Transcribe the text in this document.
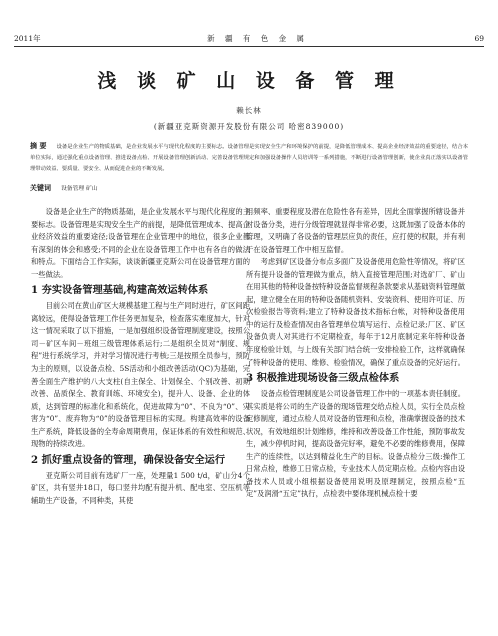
2011年	新 疆 有 色 金 属	69
浅 谈 矿 山 设 备 管 理
赖长林
(新疆亚克斯资源开发股份有限公司 哈密839000)
摘 要 设备是企业生产的物质基础，是企业发展水平与现代化程度的主要标志。设备管理是实现安全生产和环境保护的前提，是降低管理成本、提高企业经济效益的重要途径，结合本单位实际，通过强化重点设备管理、推进设备点检、开展设备管理创新活动、完善设备管理规定和加强设备操作人员培训等一系列措施，不断进行设备管理创新，使企业真正落实以设备管理带动效益、要质量、要安全、从而促进企业的不断发展。
关键词 设备管理 矿山

设备是企业生产的物质基础，是企业发展水平与现代化程度的主要标志。设备管理是实现安全生产的前提，是降低管理成本、提高企业经济效益的重要途径;设备管理在企业管理中的地位，很多企业都有深刻的体会和感受;不同的企业在设备管理工作中也有各自的做法和特点。下面结合工作实际，谈谈新疆亚克斯公司在设备管理方面的一些做法。

1 夯实设备管理基础,构建高效运转体系

目前公司在黄山矿区大规模基建工程与生产同时进行，矿区间距离较远，使得设备管理工作任务更加复杂，检查落实难度加大，针对这一情况采取了以下措施，一是加强组织设备管理制度建设，按照公司－矿区车间－班组三级管理体系运行;二是组织全员对“制度、规程”进行系统学习，并对学习情况进行考核;三是按照全员参与，预防为主的原则，以设备点检、5S活动和小组改善活动(QC)为基础，完善全面生产维护的八大支柱(自主保全、计划保全、个别改善、初期改善、品质保全、教育训练、环境安全)，提升人、设备、企业的体质，达到管理的标准化和系统化，促进故障为“0”、不良为“0”、灾害为“0”、废弃物为“0”的设备管理目标的实现。构建高效率的设备生产系统，降低设备的全寿命周期费用，保证体系的有效性和规范、现物的持续改进。

2 抓好重点设备的管理，确保设备安全运行

亚克斯公司目前有选矿厂一座，处理量1 500 t/d，矿山分4个矿区，共有竖井18口，每口竖井均配有提升机、配电室、空压机等辅助生产设备，不同种类，其使

用频率、重要程度及潜在危险性各有差异，因此全面掌握所辖设备并对设备分类，进行分级管理就显得非常必要，这既加强了设备本体的管理，又明确了各设备的管理层应负的责任，应打使的权限，并有利于在设备管理工作中相互监督。

考虑到矿区设备分布点多面广及设备使用危险性等情况，将矿区所有提升设备的管理做为重点，纳入直接管理范围;对选矿厂、矿山在用其他的特种设备按特种设备监督规程条款要求从基础资料管理做起，建立健全在用的特种设备随机资料、安装资料、使用许可证、历次检验报告等资料;建立了特种设备技术指标台帐，对特种设备使用中的运行及检查情况由各管理单位填写运行、点检记录;厂区、矿区设备负责人对其进行不定期检查，每年于12月底制定来年特种设备年度检验计划，与上级有关部门结合统一安排检验工作，这样就确保了特种设备的使用、维修、检验情况，确保了重点设备的完好运行。

3 积极推进现场设备三级点检体系

设备点检管理制度是公司设备管理工作中的一项基本责任制度。其实质是将公司的生产设备的现场管理交给点检人员，实行全员点检定修制度，通过点检人员对设备的管理和点检，准确掌握设备的技术状况，有效地组织计划维修，维持和改善设备工作性能，预防事故发生，减少停机时间，提高设备完好率，避免不必要的维修费用，保障生产的连续性，以达到精益化生产的目标。设备点检分三级:操作工日常点检，维修工日常点检，专业技术人员定期点检。点检内容由设备技术人员或小组根据设备使用说明及原理制定，按照点检“五定”及润滑“五定”执行，点检表中要体现机械点检十要
